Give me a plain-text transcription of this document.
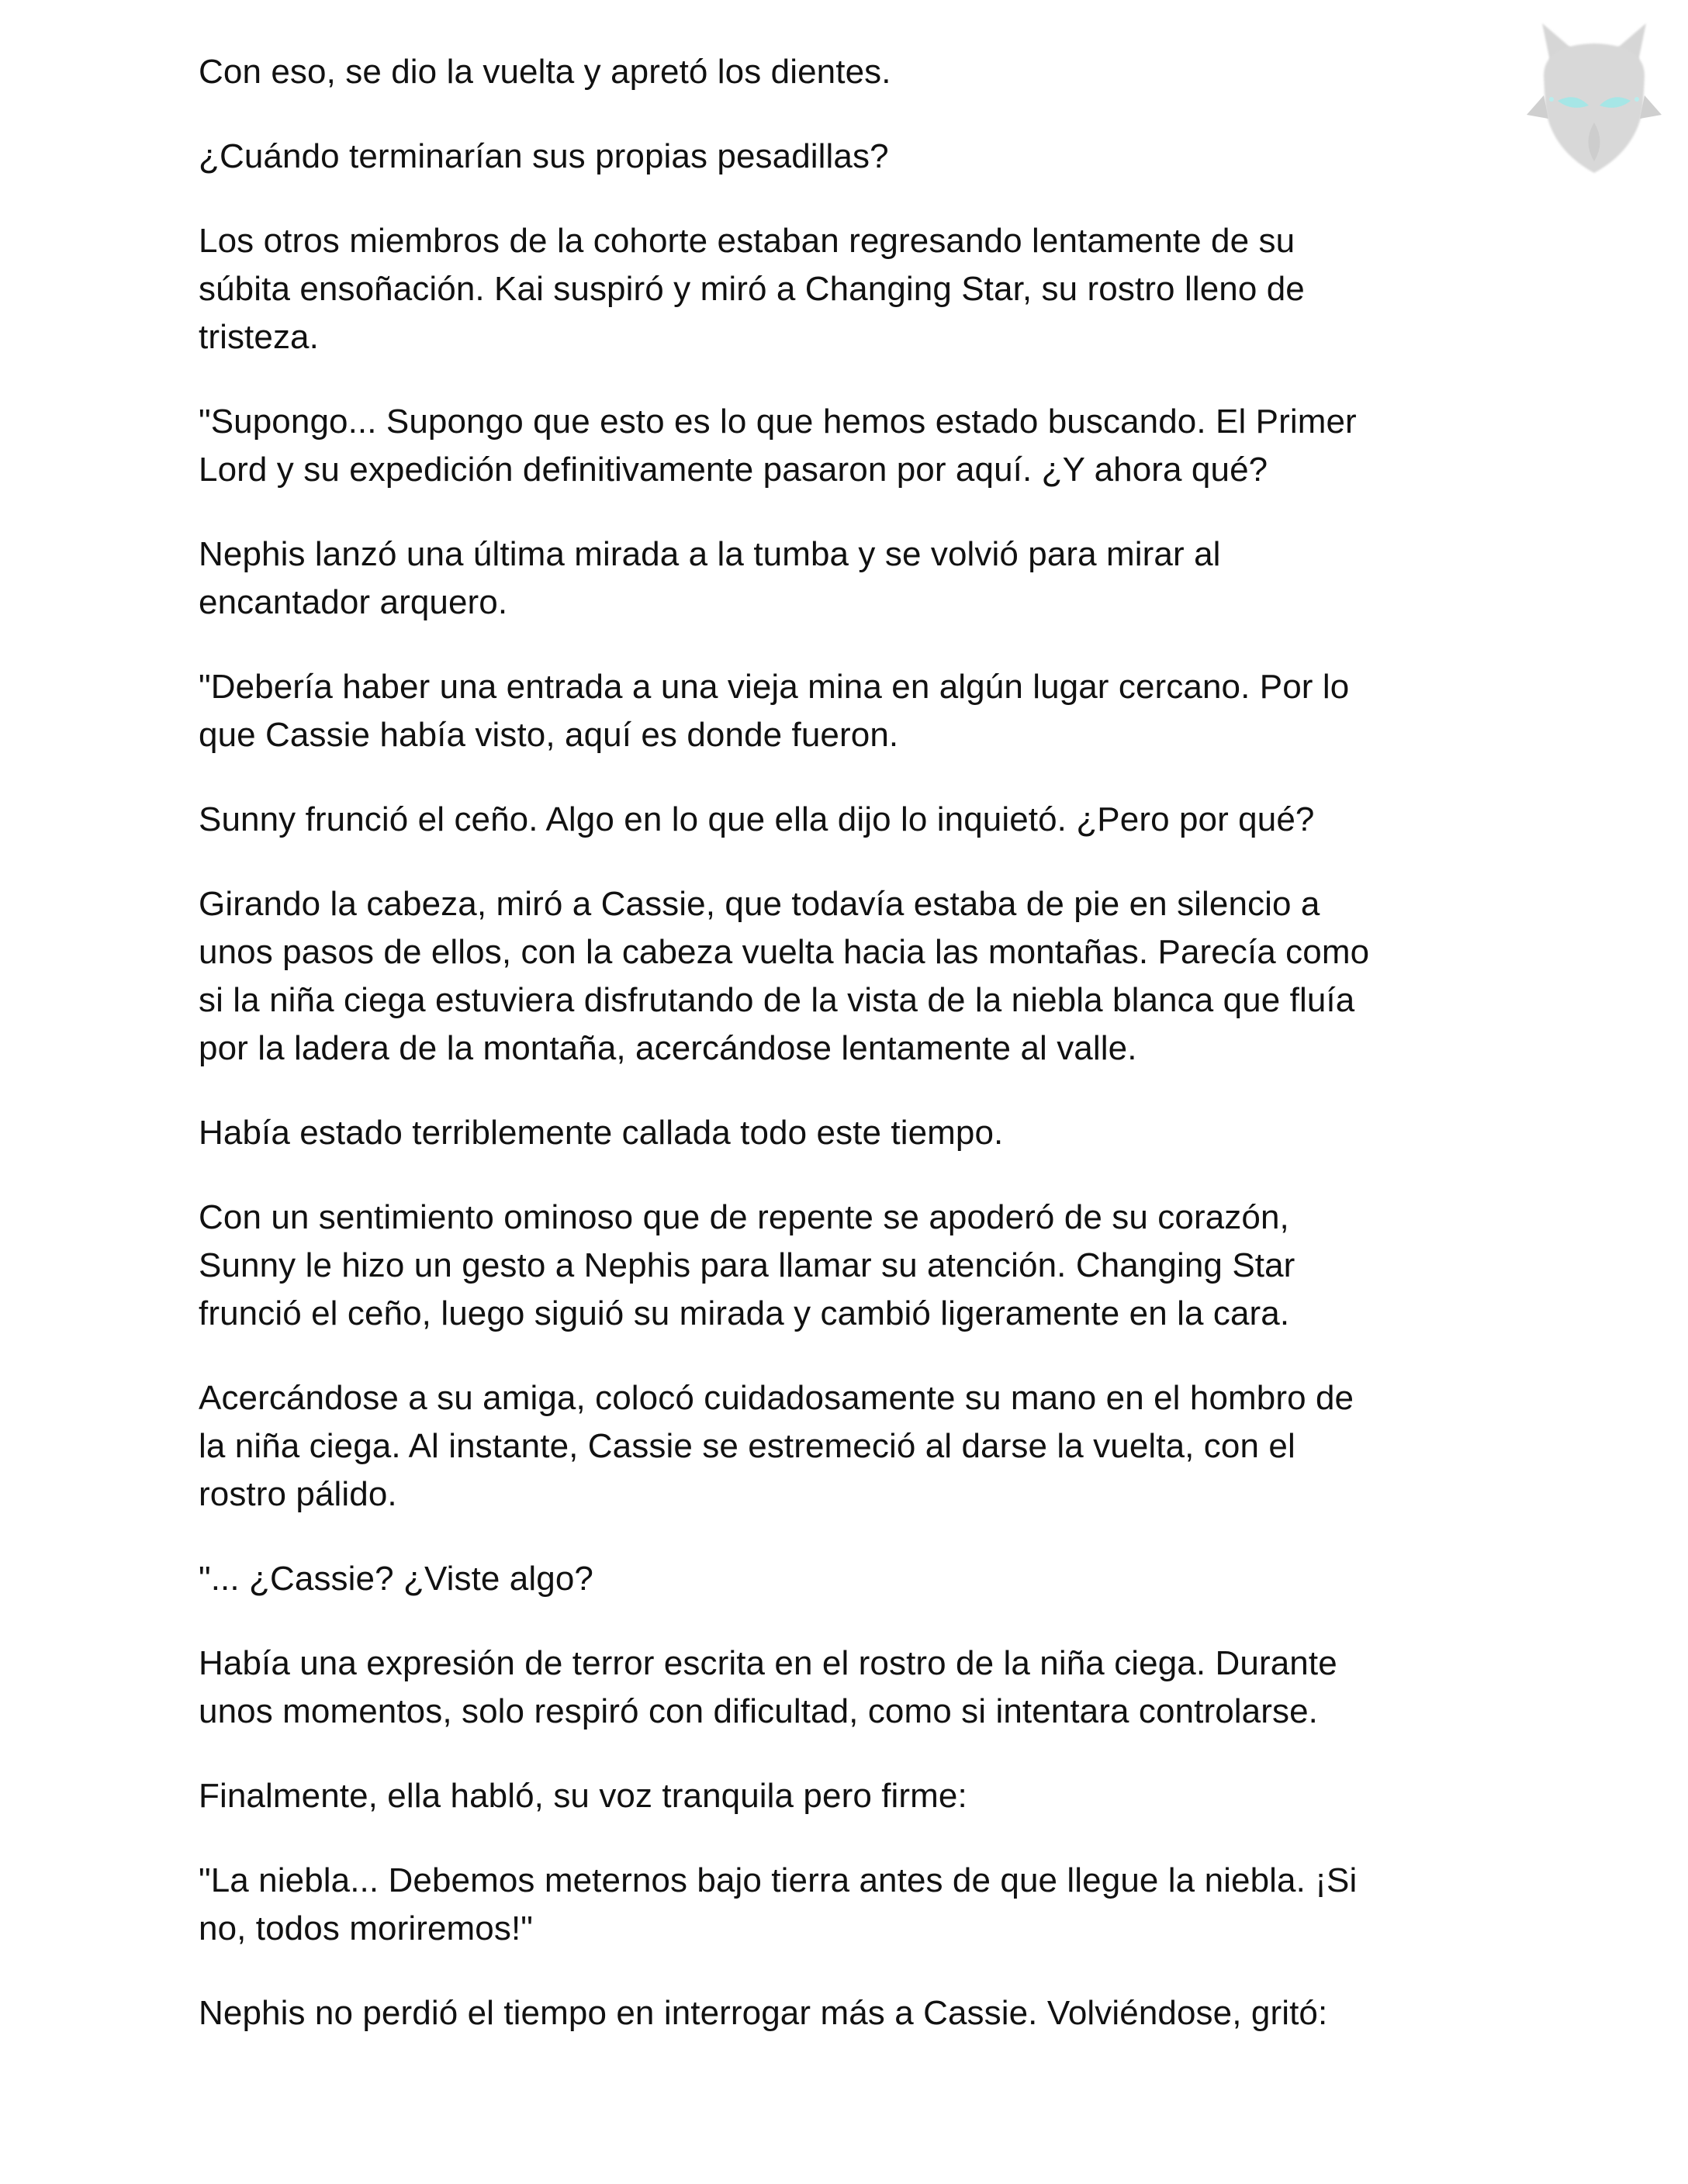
Con eso, se dio la vuelta y apretó los dientes.

¿Cuándo terminarían sus propias pesadillas?

Los otros miembros de la cohorte estaban regresando lentamente de su
súbita ensoñación. Kai suspiró y miró a Changing Star, su rostro lleno de
tristeza.

"Supongo... Supongo que esto es lo que hemos estado buscando. El Primer
Lord y su expedición definitivamente pasaron por aquí. ¿Y ahora qué?

Nephis lanzó una última mirada a la tumba y se volvió para mirar al
encantador arquero.

"Debería haber una entrada a una vieja mina en algún lugar cercano. Por lo
que Cassie había visto, aquí es donde fueron.

Sunny frunció el ceño. Algo en lo que ella dijo lo inquietó. ¿Pero por qué?

Girando la cabeza, miró a Cassie, que todavía estaba de pie en silencio a
unos pasos de ellos, con la cabeza vuelta hacia las montañas. Parecía como
si la niña ciega estuviera disfrutando de la vista de la niebla blanca que fluía
por la ladera de la montaña, acercándose lentamente al valle.

Había estado terriblemente callada todo este tiempo.

Con un sentimiento ominoso que de repente se apoderó de su corazón,
Sunny le hizo un gesto a Nephis para llamar su atención. Changing Star
frunció el ceño, luego siguió su mirada y cambió ligeramente en la cara.

Acercándose a su amiga, colocó cuidadosamente su mano en el hombro de
la niña ciega. Al instante, Cassie se estremeció al darse la vuelta, con el
rostro pálido.

"... ¿Cassie? ¿Viste algo?

Había una expresión de terror escrita en el rostro de la niña ciega. Durante
unos momentos, solo respiró con dificultad, como si intentara controlarse.

Finalmente, ella habló, su voz tranquila pero firme:

"La niebla... Debemos meternos bajo tierra antes de que llegue la niebla. ¡Si
no, todos moriremos!"

Nephis no perdió el tiempo en interrogar más a Cassie. Volviéndose, gritó:
